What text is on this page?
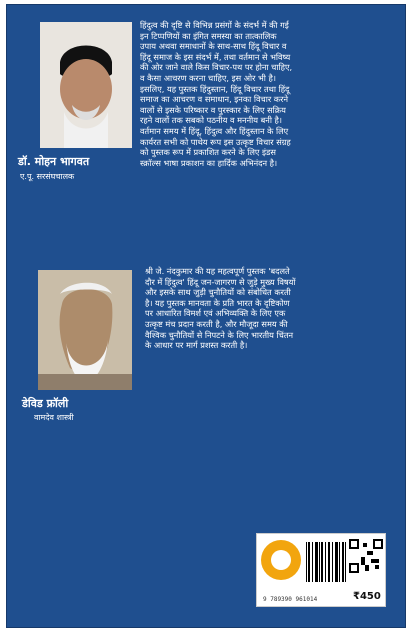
डॉ. मोहन भागवत
ए.पू. सरसंघचालक
हिंदुत्व की दृष्टि से विभिन्न प्रसंगों के संदर्भ में की गई
इन टिप्पणियों का इंगित समस्या का तात्कालिक
उपाय अथवा समाधानों के साथ-साथ हिंदू विचार व
हिंदू समाज के इस संदर्भ में, तथा वर्तमान से भविष्य
की ओर जाने वाले किस विचार-पथ पर होना चाहिए,
व कैसा आचरण करना चाहिए, इस ओर भी है।
इसलिए, यह पुस्तक हिंदुस्तान, हिंदू विचार तथा हिंदू
समाज का आचरण व समाधान, इनका विचार करने
वालों से इसके परिष्कार व पुरस्कार के लिए सक्रिय
रहने वालों तक सबको पठनीय व मननीय बनी है।
वर्तमान समय में हिंदू, हिंदुत्व और हिंदुस्तान के लिए
कार्यरत सभी को पाथेय रूप इस उत्कृष्ट विचार संग्रह
को पुस्तक रूप में प्रकाशित करने के लिए इंडस
स्क्रॉल्स भाषा प्रकाशन का हार्दिक अभिनंदन है।
डेविड फ्रॉली
वामदेव शास्त्री
श्री जे. नंदकुमार की यह महत्वपूर्ण पुस्तक 'बदलते
दौर में हिंदुत्व' हिंदू जन-जागरण से जुड़े मुख्य विषयों
और इसके साथ जुड़ी चुनौतियों को संबोधित करती
है। यह पुस्तक मानवता के प्रति भारत के दृष्टिकोण
पर आधारित विमर्श एवं अभिव्यक्ति के लिए एक
उत्कृष्ट मंच प्रदान करती है, और मौजूदा समय की
वैश्विक चुनौतियों से निपटने के लिए भारतीय चिंतन
के आधार पर मार्ग प्रशस्त करती है।
9 789390 961014	₹450
